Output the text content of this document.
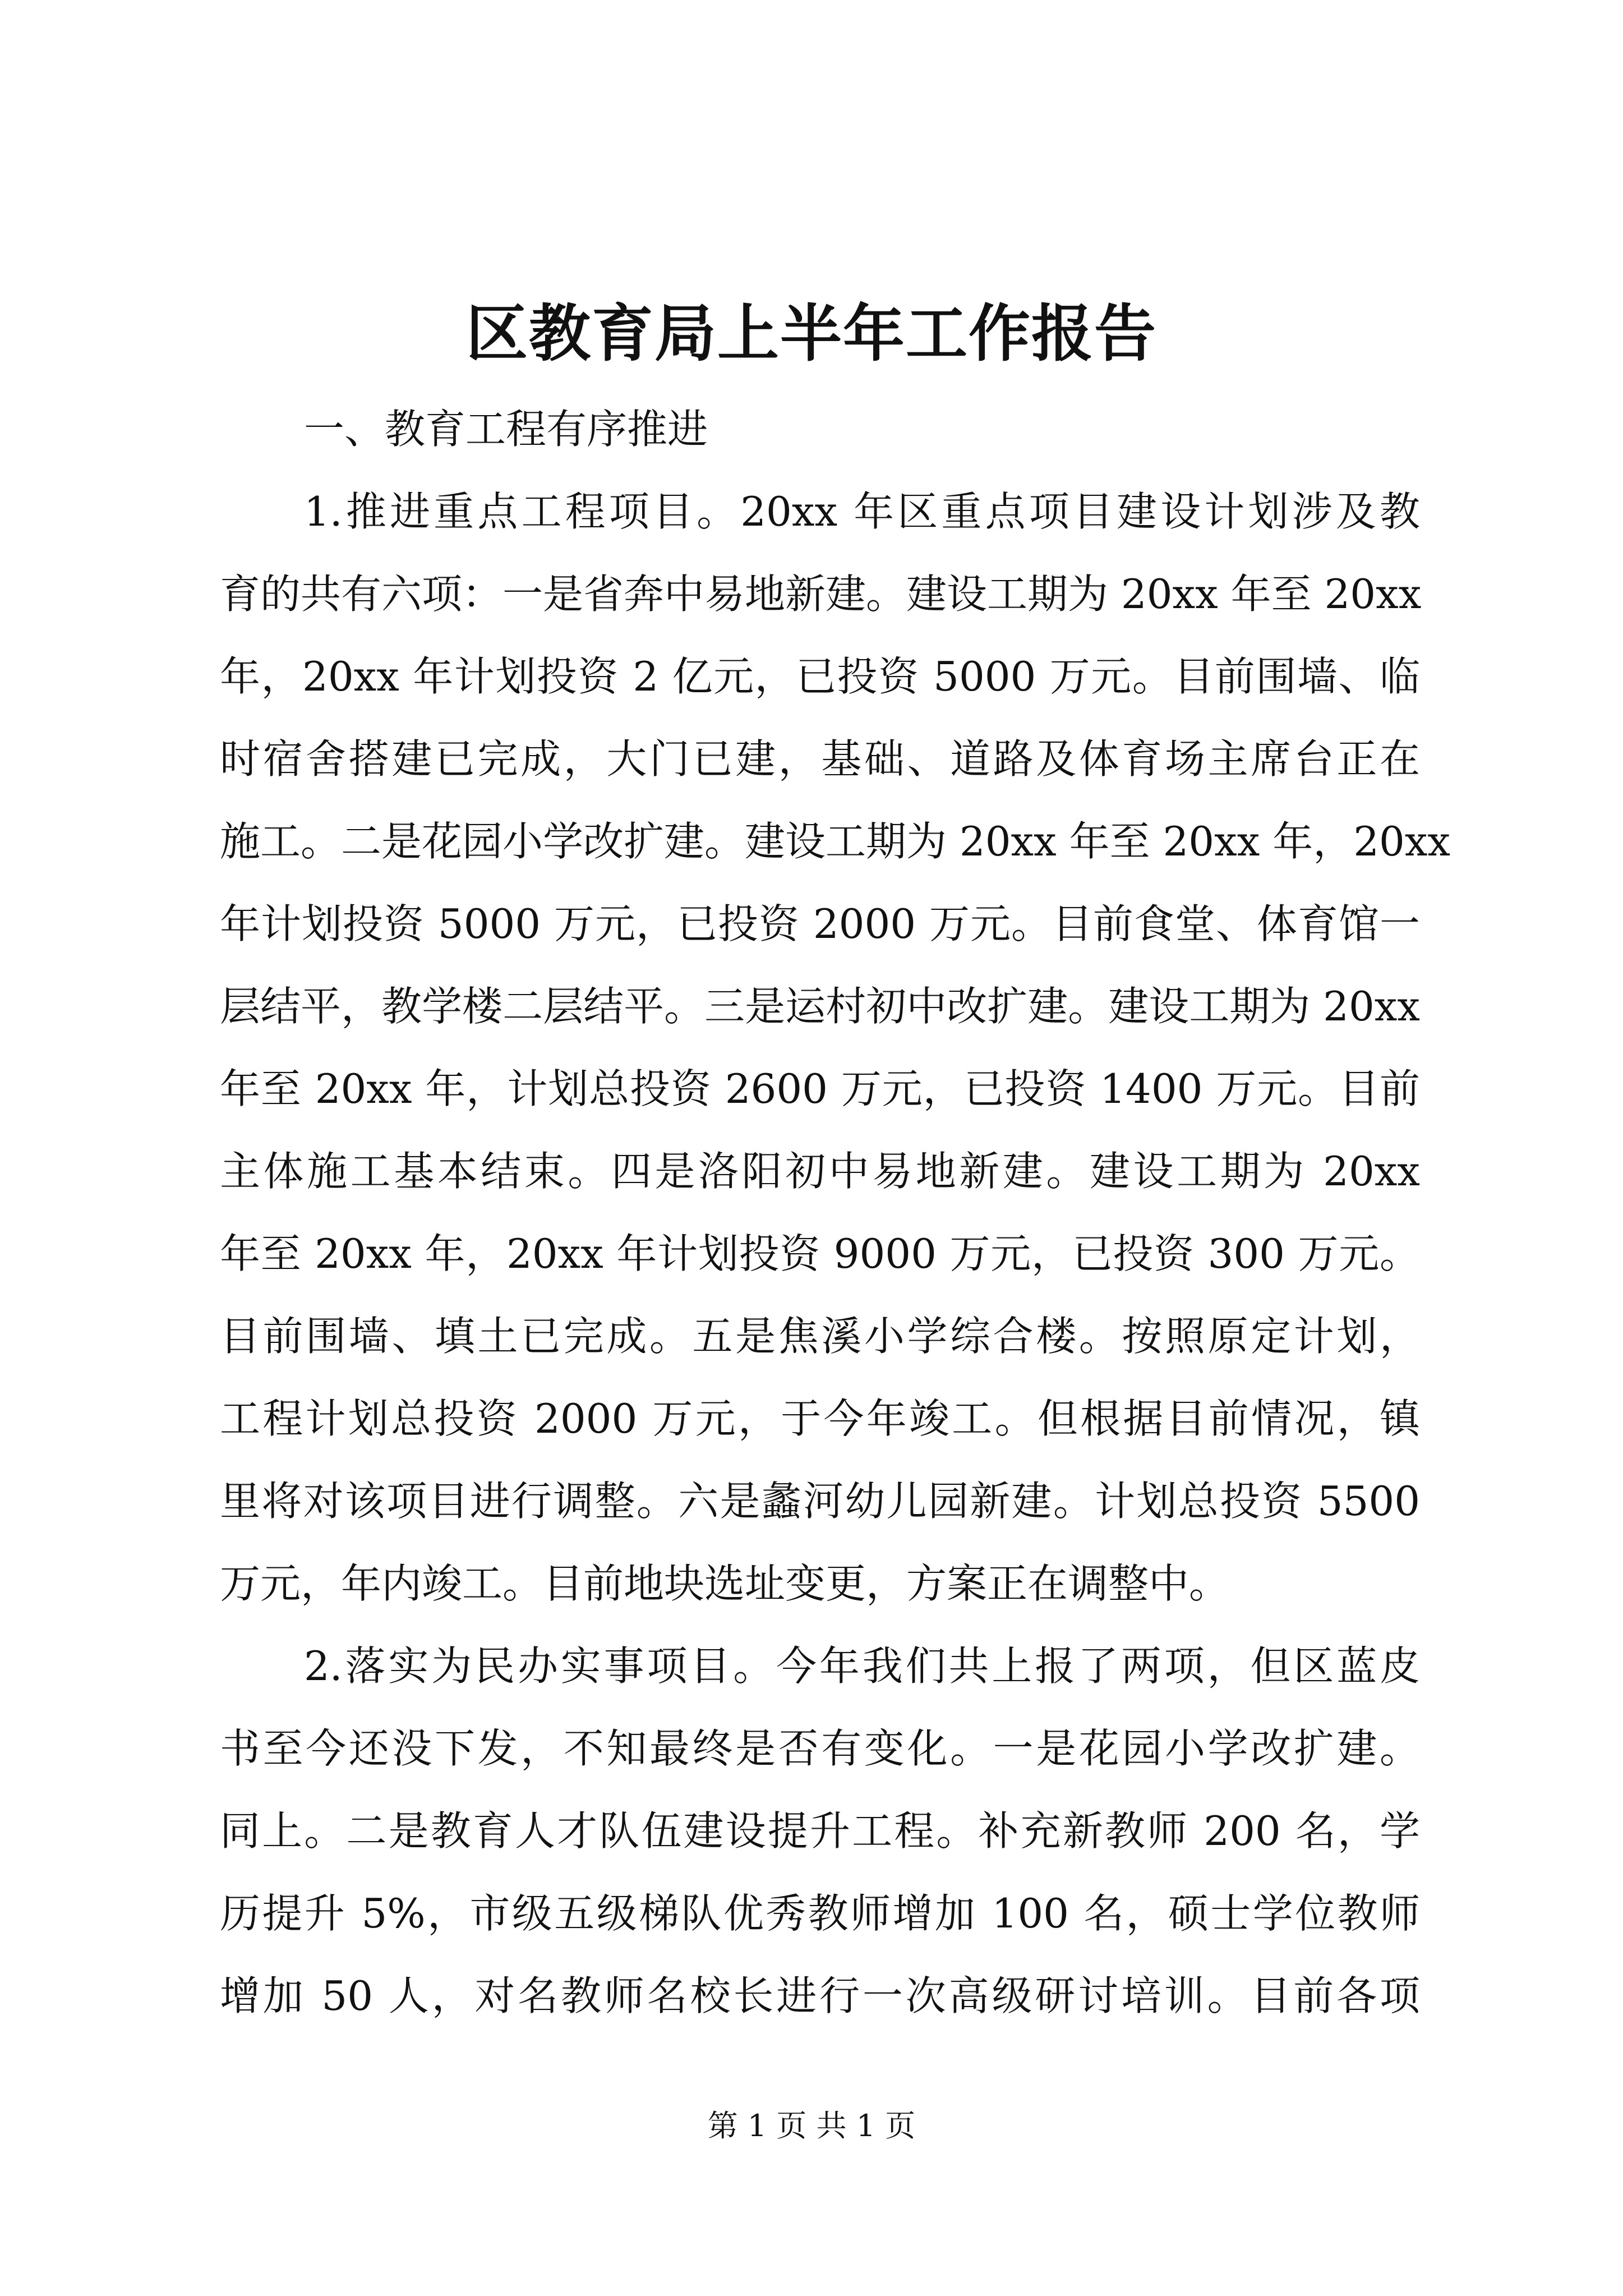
区教育局上半年工作报告

一、教育工程有序推进

1.推进重点工程项目。20xx 年区重点项目建设计划涉及教
育的共有六项：一是省奔中易地新建。建设工期为 20xx 年至 20xx
年，20xx 年计划投资 2 亿元，已投资 5000 万元。目前围墙、临
时宿舍搭建已完成，大门已建，基础、道路及体育场主席台正在
施工。二是花园小学改扩建。建设工期为 20xx 年至 20xx 年，20xx
年计划投资 5000 万元，已投资 2000 万元。目前食堂、体育馆一
层结平，教学楼二层结平。三是运村初中改扩建。建设工期为 20xx
年至 20xx 年，计划总投资 2600 万元，已投资 1400 万元。目前
主体施工基本结束。四是洛阳初中易地新建。建设工期为 20xx
年至 20xx 年，20xx 年计划投资 9000 万元，已投资 300 万元。
目前围墙、填土已完成。五是焦溪小学综合楼。按照原定计划，
工程计划总投资 2000 万元，于今年竣工。但根据目前情况，镇
里将对该项目进行调整。六是蠡河幼儿园新建。计划总投资 5500
万元，年内竣工。目前地块选址变更，方案正在调整中。
2.落实为民办实事项目。今年我们共上报了两项，但区蓝皮
书至今还没下发，不知最终是否有变化。一是花园小学改扩建。
同上。二是教育人才队伍建设提升工程。补充新教师 200 名，学
历提升 5%，市级五级梯队优秀教师增加 100 名，硕士学位教师
增加 50 人，对名教师名校长进行一次高级研讨培训。目前各项
第 1 页 共 1 页
